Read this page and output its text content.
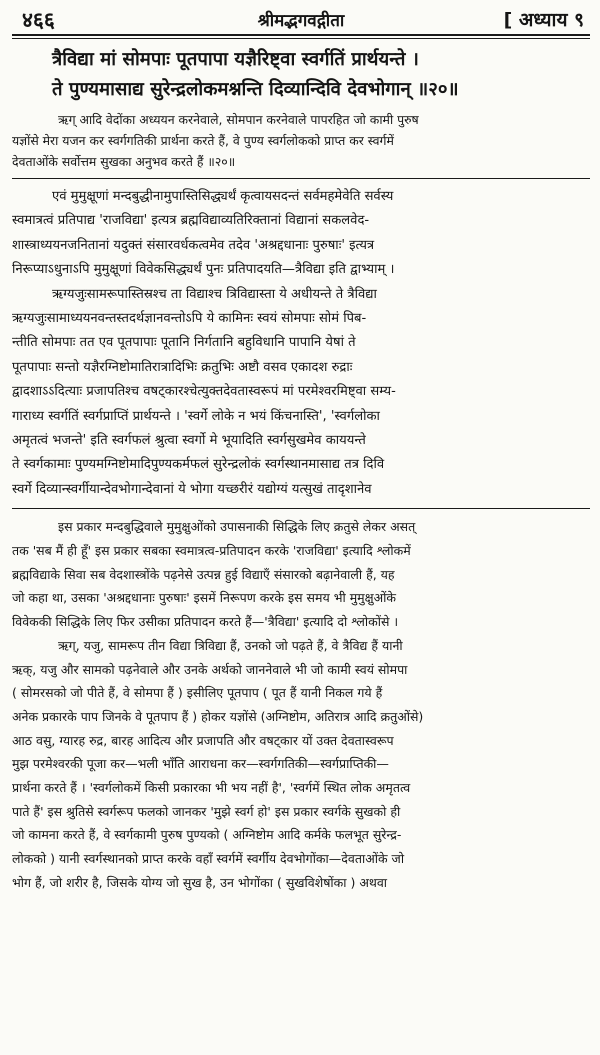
४६६	श्रीमद्भगवद्गीता	[ अध्याय ९
त्रैविद्या मां सोमपाः पूतपापा यज्ञैरिष्ट्वा स्वर्गतिं प्रार्थयन्ते ।
ते पुण्यमासाद्य सुरेन्द्रलोकमश्नन्ति दिव्यान्दिवि देवभोगान् ॥२०॥
ऋग् आदि वेदोंका अध्ययन करनेवाले, सोमपान करनेवाले पापरहित जो कामी पुरुष
यज्ञोंसे मेरा यजन कर स्वर्गगतिकी प्रार्थना करते हैं, वे पुण्य स्वर्गलोकको प्राप्त कर स्वर्गमें
देवताओंके सर्वोत्तम सुखका अनुभव करते हैं ॥२०॥
एवं मुमुक्षूणां मन्दबुद्धीनामुपास्तिसिद्ध्यर्थं कृत्वायसदन्तं सर्वमहमेवेति सर्वस्य
स्वमात्रत्वं प्रतिपाद्य 'राजविद्या' इत्यत्र ब्रह्मविद्याव्यतिरिक्तानां विद्यानां सकलवेद-
शास्त्राध्ययनजनितानां यदुक्तं संसारवर्धकत्वमेव तदेव 'अश्रद्दधानाः पुरुषाः' इत्यत्र
निरूप्याऽधुनाऽपि मुमुक्षूणां विवेकसिद्ध्यर्थं पुनः प्रतिपादयति—त्रैविद्या इति द्वाभ्याम् ।
ऋग्यजुःसामरूपास्तिस्रश्च ता विद्याश्च त्रिविद्यास्ता ये अधीयन्ते ते त्रैविद्या
ऋग्यजुःसामाध्ययनवन्तस्तदर्थज्ञानवन्तोऽपि ये कामिनः स्वयं सोमपाः सोमं पिब-
न्तीति सोमपाः तत एव पूतपापाः पूतानि निर्गतानि बहुविधानि पापानि येषां ते
पूतपापाः सन्तो यज्ञैरग्निष्टोमातिरात्रादिभिः क्रतुभिः अष्टौ वसव एकादश रुद्राः
द्वादशाऽऽदित्याः प्रजापतिश्च वषट्कारश्चेत्युक्तदेवतास्वरूपं मां परमेश्वरमिष्ट्वा सम्य-
गाराध्य स्वर्गतिं स्वर्गप्राप्तिं प्रार्थयन्ते । 'स्वर्गे लोके न भयं किंचनास्ति', 'स्वर्गलोका
अमृतत्वं भजन्ते' इति स्वर्गफलं श्रुत्वा स्वर्गो मे भूयादिति स्वर्गसुखमेव काययन्ते
ते स्वर्गकामाः पुण्यमग्निष्टोमादिपुण्यकर्मफलं सुरेन्द्रलोकं स्वर्गस्थानमासाद्य तत्र दिवि
स्वर्गे दिव्यान्स्वर्गीयान्देवभोगान्देवानां ये भोगा यच्छरीरं यद्योग्यं यत्सुखं तादृशानेव
इस प्रकार मन्दबुद्धिवाले मुमुक्षुओंको उपासनाकी सिद्धिके लिए क्रतुसे लेकर असत्
तक 'सब मैं ही हूँ' इस प्रकार सबका स्वमात्रत्व-प्रतिपादन करके 'राजविद्या' इत्यादि श्लोकमें
ब्रह्मविद्याके सिवा सब वेदशास्त्रोंके पढ़नेसे उत्पन्न हुई विद्याएँ संसारको बढ़ानेवाली हैं, यह
जो कहा था, उसका 'अश्रद्दधानाः पुरुषाः' इसमें निरूपण करके इस समय भी मुमुक्षुओंके
विवेककी सिद्धिके लिए फिर उसीका प्रतिपादन करते हैं—'त्रैविद्या' इत्यादि दो श्लोकोंसे ।
ऋग्, यजु, सामरूप तीन विद्या त्रिविद्या हैं, उनको जो पढ़ते हैं, वे त्रैविद्य हैं यानी
ऋक्, यजु और सामको पढ़नेवाले और उनके अर्थको जाननेवाले भी जो कामी स्वयं सोमपा
( सोमरसको जो पीते हैं, वे सोमपा हैं ) इसीलिए पूतपाप ( पूत हैं यानी निकल गये हैं
अनेक प्रकारके पाप जिनके वे पूतपाप हैं ) होकर यज्ञोंसे (अग्निष्टोम, अतिरात्र आदि क्रतुओंसे)
आठ वसु, ग्यारह रुद्र, बारह आदित्य और प्रजापति और वषट्कार यों उक्त देवतास्वरूप
मुझ परमेश्वरकी पूजा कर—भली भाँति आराधना कर—स्वर्गगतिकी—स्वर्गप्राप्तिकी—
प्रार्थना करते हैं । 'स्वर्गलोकमें किसी प्रकारका भी भय नहीं है', 'स्वर्गमें स्थित लोक अमृतत्व
पाते हैं' इस श्रुतिसे स्वर्गरूप फलको जानकर 'मुझे स्वर्ग हो' इस प्रकार स्वर्गके सुखको ही
जो कामना करते हैं, वे स्वर्गकामी पुरुष पुण्यको ( अग्निष्टोम आदि कर्मके फलभूत सुरेन्द्र-
लोकको ) यानी स्वर्गस्थानको प्राप्त करके वहाँ स्वर्गमें स्वर्गीय देवभोगोंका—देवताओंके जो
भोग हैं, जो शरीर है, जिसके योग्य जो सुख है, उन भोगोंका ( सुखविशेषोंका ) अथवा
